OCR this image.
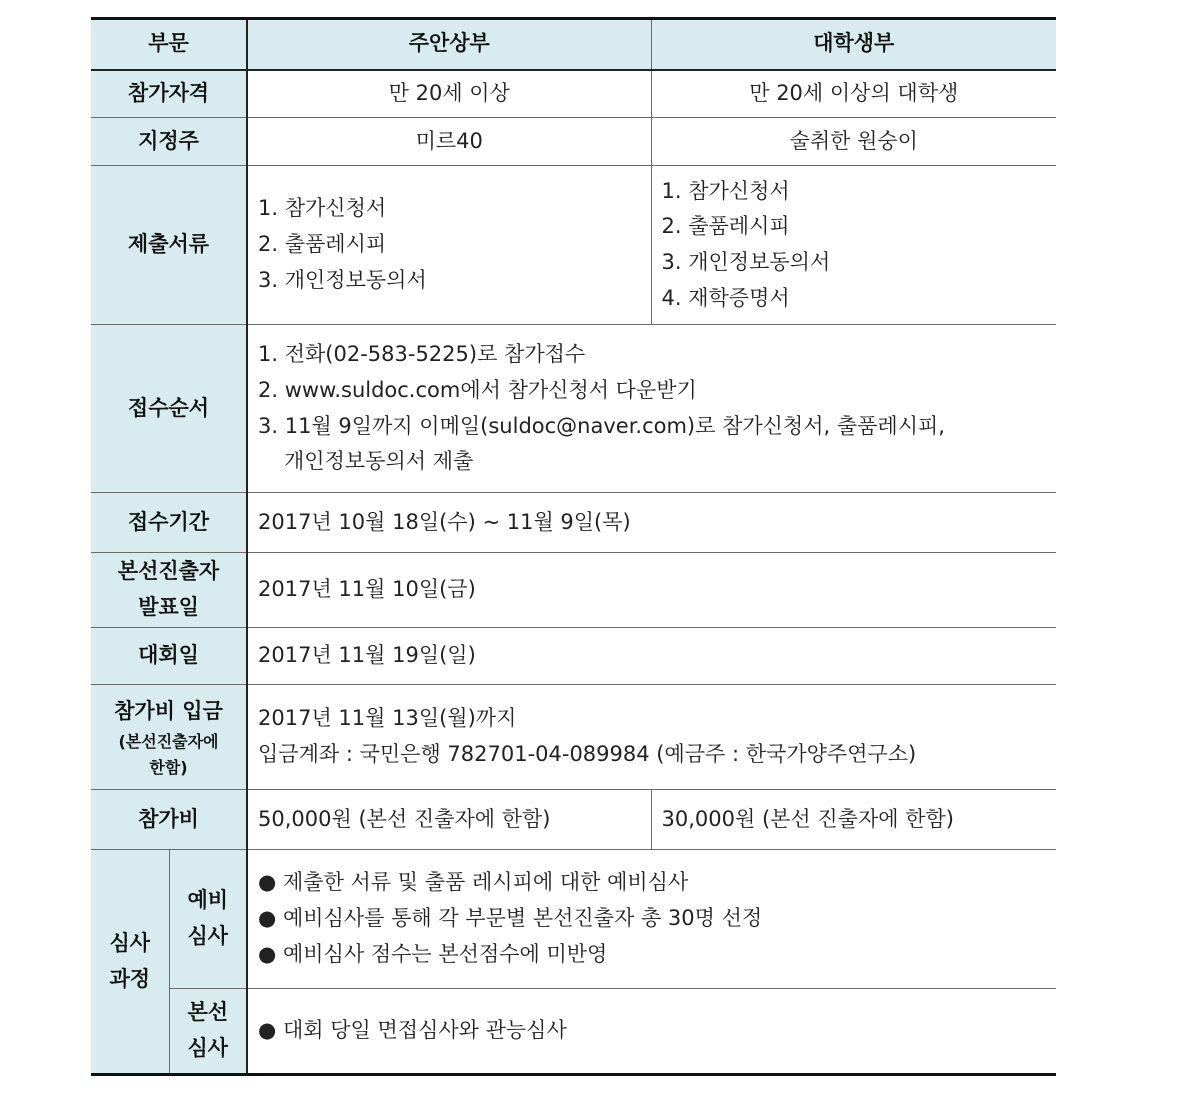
부문		주안상부	대학생부
참가자격		만 20세 이상	만 20세 이상의 대학생
지정주		미르40	술취한 원숭이
제출서류		1. 참가신청서
2. 출품레시피
3. 개인정보동의서	1. 참가신청서
2. 출품레시피
3. 개인정보동의서
4. 재학증명서

접수순서		1. 전화(02-583-5225)로 참가접수
2. www.suldoc.com에서 참가신청서 다운받기
3. 11월 9일까지 이메일(suldoc@naver.com)로 참가신청서, 출품레시피,
개인정보동의서 제출	

접수기간		2017년 10월 18일(수) ~ 11월 9일(목)	

본선진출자
발표일		2017년 11월 10일(금)	
대회일		2017년 11월 19일(일)	

참가비 입금
(본선진출자에
한함)		2017년 11월 13일(월)까지
입금계좌 : 국민은행 782701-04-089984 (예금주 : 한국가양주연구소)	

참가비		50,000원 (본선 진출자에 한함)	30,000원 (본선 진출자에 한함)

심사
과정	예비
심사	● 제출한 서류 및 출품 레시피에 대한 예비심사
● 예비심사를 통해 각 부문별 본선진출자 총 30명 선정
● 예비심사 점수는 본선점수에 미반영	

	본선
심사	● 대회 당일 면접심사와 관능심사	
